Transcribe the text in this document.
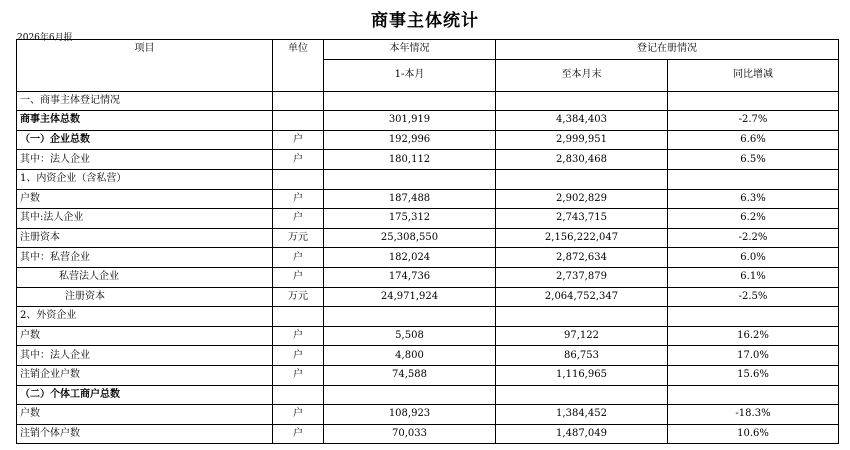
商事主体统计
2026年6月报
项目	单位	本年情况	登记在册情况	
		1-本月	至本月末	同比增减
一、商事主体登记情况				
商事主体总数		301,919	4,384,403	-2.7%
（一）企业总数	户	192,996	2,999,951	6.6%
其中：法人企业	户	180,112	2,830,468	6.5%
1、内资企业（含私营）				
户数	户	187,488	2,902,829	6.3%
其中:法人企业	户	175,312	2,743,715	6.2%
注册资本	万元	25,308,550	2,156,222,047	-2.2%
其中：私营企业	户	182,024	2,872,634	6.0%
私营法人企业	户	174,736	2,737,879	6.1%
注册资本	万元	24,971,924	2,064,752,347	-2.5%
2、外资企业				
户数	户	5,508	97,122	16.2%
其中：法人企业	户	4,800	86,753	17.0%
注销企业户数	户	74,588	1,116,965	15.6%
（二）个体工商户总数				
户数	户	108,923	1,384,452	-18.3%
注销个体户数	户	70,033	1,487,049	10.6%
